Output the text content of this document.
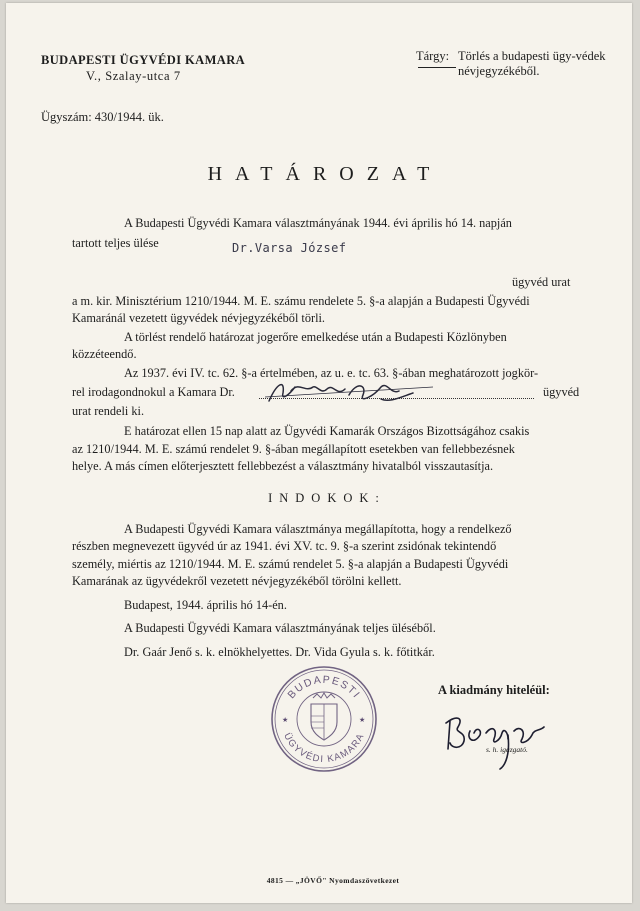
BUDAPESTI ÜGYVÉDI KAMARA
V., Szalay-utca 7
Tárgy: Törlés a budapesti ügy-védek névjegyzékéből.
Ügyszám: 430/1944. ük.
HATÁROZAT
A Budapesti Ügyvédi Kamara választmányának 1944. évi április hó 14. napján
tartott teljes ülése	Dr.Varsa József
ügyvéd urat
a m. kir. Minisztérium 1210/1944. M. E. számu rendelete 5. §-a alapján a Budapesti Ügyvédi
Kamaránál vezetett ügyvédek névjegyzékéből törli.
A törlést rendelő határozat jogerőre emelkedése után a Budapesti Közlönyben
közzéteendő.
Az 1937. évi IV. tc. 62. §-a értelmében, az u. e. tc. 63. §-ában meghatározott jogkör-
rel irodagondnokul a Kamara Dr.	ügyvéd
urat rendeli ki.
E határozat ellen 15 nap alatt az Ügyvédi Kamarák Országos Bizottságához csakis
az 1210/1944. M. E. számú rendelet 9. §-ában megállapított esetekben van fellebbezésnek
helye. A más címen előterjesztett fellebbezést a választmány hivatalból visszautasítja.
INDOKOK:
A Budapesti Ügyvédi Kamara választmánya megállapította, hogy a rendelkező
részben megnevezett ügyvéd úr az 1941. évi XV. tc. 9. §-a szerint zsidónak tekintendő
személy, miértis az 1210/1944. M. E. számú rendelet 5. §-a alapján a Budapesti Ügyvédi
Kamarának az ügyvédekről vezetett névjegyzékéből törölni kellett.
Budapest, 1944. április hó 14-én.
A Budapesti Ügyvédi Kamara választmányának teljes üléséből.
Dr. Gaár Jenő s. k. elnökhelyettes. Dr. Vida Gyula s. k. főtitkár.
BUDAPESTI
ÜGYVÉDI KAMARA
★	★
A kiadmány hiteléül:
s. h. igazgató.
4815 — „JÖVŐ" Nyomdaszövetkezet
